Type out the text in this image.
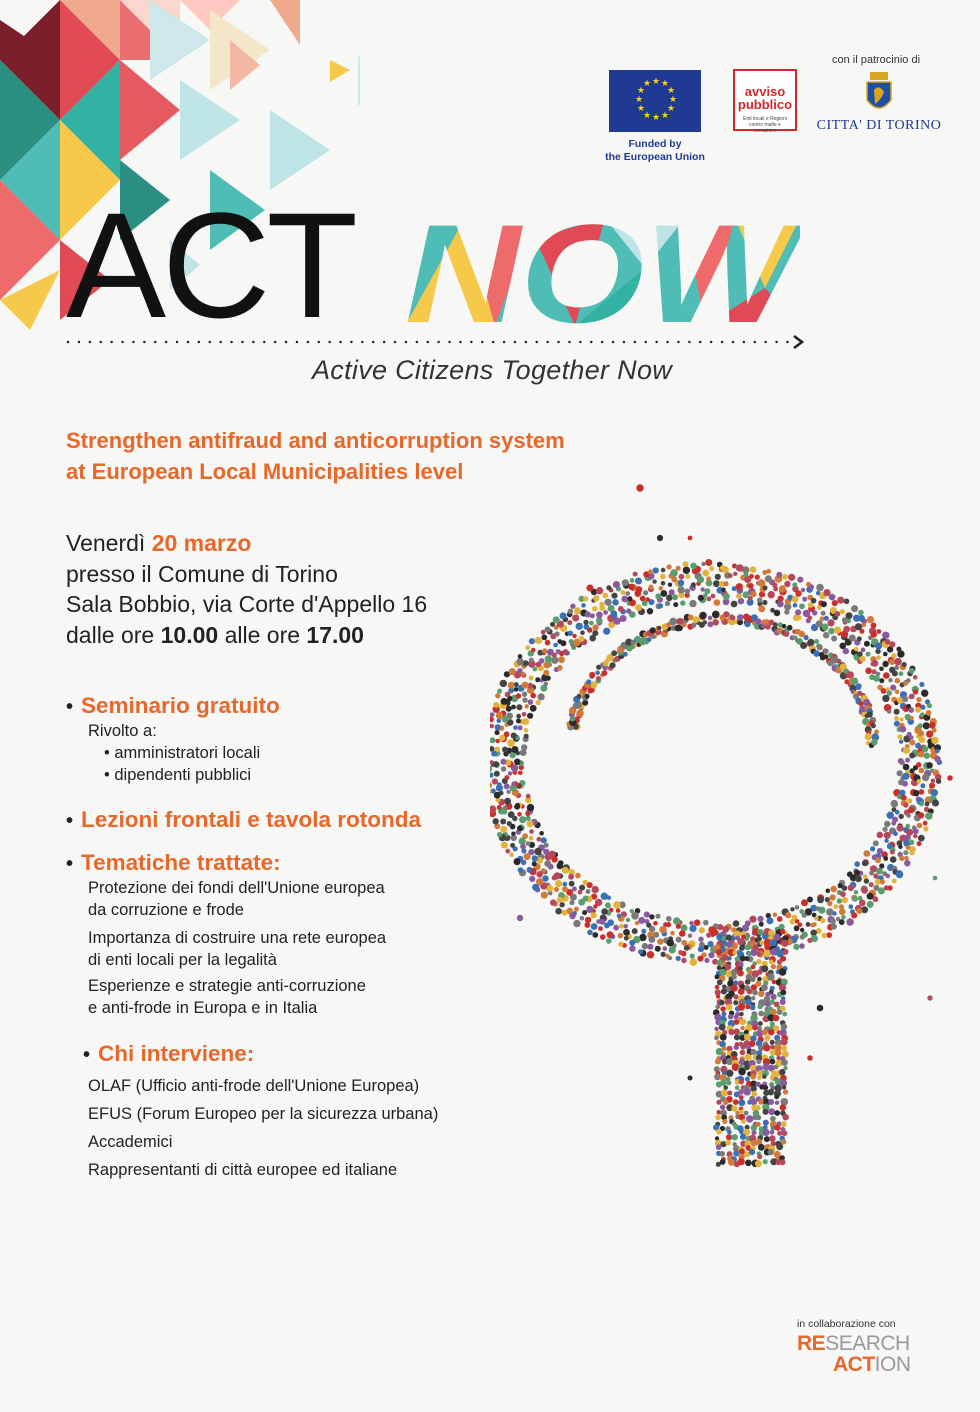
★ ★
★
★
★
★
★
★
★
★
★
★
Funded by
the European Union
avviso
pubblico
Enti locali e Regioni contro mafie e corruzione
con il patrocinio di
CITTA' DI TORINO
ACT
Active Citizens Together Now
Strengthen antifraud and anticorruption system
at European Local Municipalities level
Venerdì 20 marzo
presso il Comune di Torino
Sala Bobbio, via Corte d'Appello 16
dalle ore 10.00 alle ore 17.00
• Seminario gratuito
Rivolto a:
• amministratori locali
• dipendenti pubblici
• Lezioni frontali e tavola rotonda
• Tematiche trattate:
Protezione dei fondi dell'Unione europea
da corruzione e frode
Importanza di costruire una rete europea
di enti locali per la legalità
Esperienze e strategie anti-corruzione
e anti-frode in Europa e in Italia
• Chi interviene:
OLAF (Ufficio anti-frode dell'Unione Europea)
EFUS (Forum Europeo per la sicurezza urbana)
Accademici
Rappresentanti di città europee ed italiane
in collaborazione con
RESEARCH
ACTION
